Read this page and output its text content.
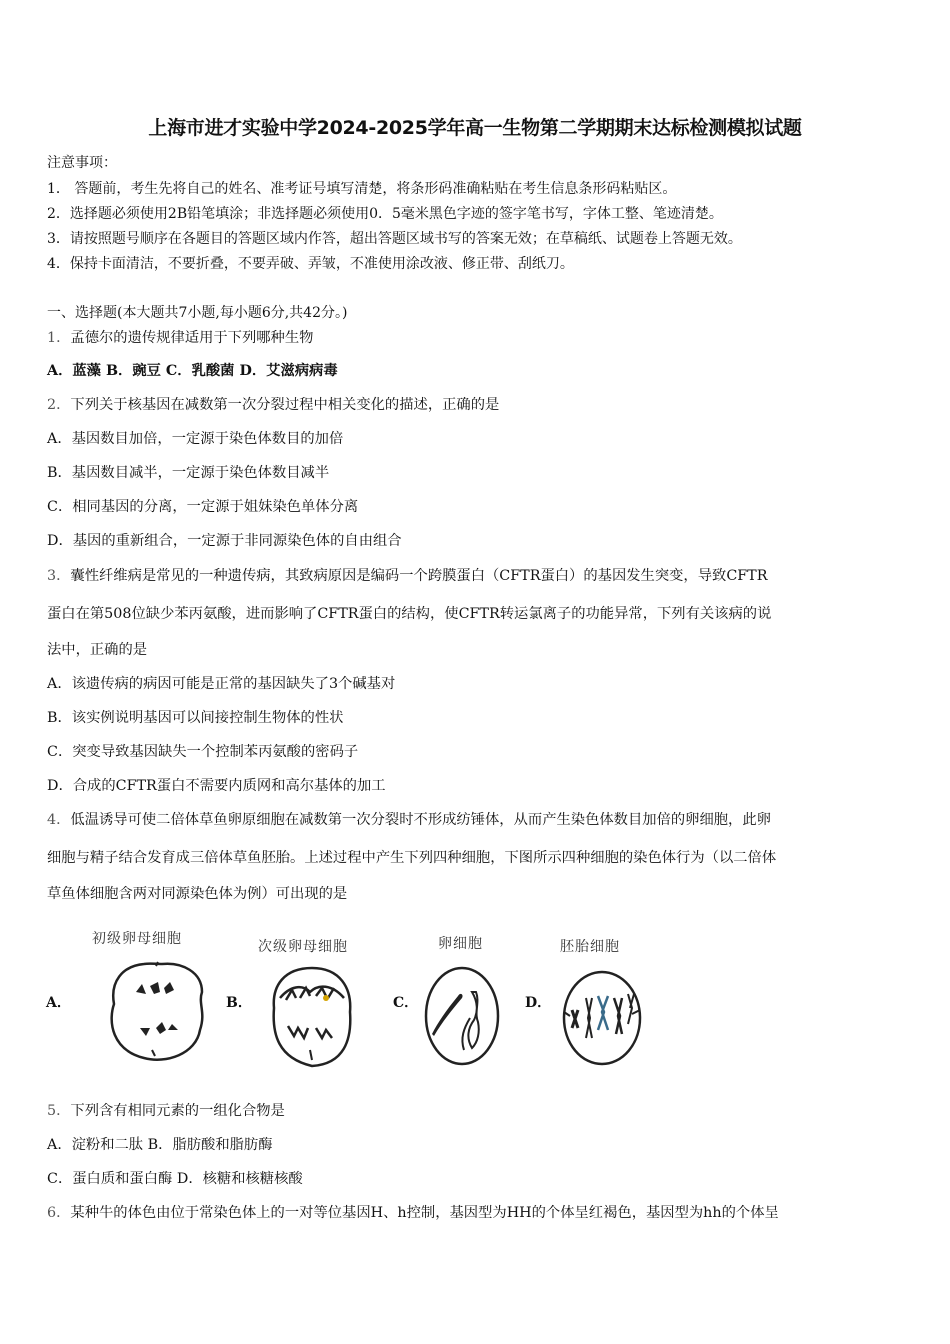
上海市进才实验中学2024-2025学年高一生物第二学期期末达标检测模拟试题
注意事项：
1． 答题前，考生先将自己的姓名、准考证号填写清楚，将条形码准确粘贴在考生信息条形码粘贴区。
2．选择题必须使用2B铅笔填涂；非选择题必须使用0．5毫米黑色字迹的签字笔书写，字体工整、笔迹清楚。
3．请按照题号顺序在各题目的答题区域内作答，超出答题区域书写的答案无效；在草稿纸、试题卷上答题无效。
4．保持卡面清洁，不要折叠，不要弄破、弄皱，不准使用涂改液、修正带、刮纸刀。
一、选择题(本大题共7小题,每小题6分,共42分。)
1．孟德尔的遗传规律适用于下列哪种生物
A．蓝藻 B．豌豆 C．乳酸菌 D．艾滋病病毒
2．下列关于核基因在减数第一次分裂过程中相关变化的描述，正确的是
A．基因数目加倍，一定源于染色体数目的加倍
B．基因数目减半，一定源于染色体数目减半
C．相同基因的分离，一定源于姐妹染色单体分离
D．基因的重新组合，一定源于非同源染色体的自由组合
3．囊性纤维病是常见的一种遗传病，其致病原因是编码一个跨膜蛋白（CFTR蛋白）的基因发生突变，导致CFTR
蛋白在第508位缺少苯丙氨酸，进而影响了CFTR蛋白的结构，使CFTR转运氯离子的功能异常，下列有关该病的说
法中，正确的是
A．该遗传病的病因可能是正常的基因缺失了3个碱基对
B．该实例说明基因可以间接控制生物体的性状
C．突变导致基因缺失一个控制苯丙氨酸的密码子
D．合成的CFTR蛋白不需要内质网和高尔基体的加工
4．低温诱导可使二倍体草鱼卵原细胞在减数第一次分裂时不形成纺锤体，从而产生染色体数目加倍的卵细胞，此卵
细胞与精子结合发育成三倍体草鱼胚胎。上述过程中产生下列四种细胞，下图所示四种细胞的染色体行为（以二倍体
草鱼体细胞含两对同源染色体为例）可出现的是
初级卵母细胞	次级卵母细胞	卵细胞	胚胎细胞
A．	B．	C．	D．
5．下列含有相同元素的一组化合物是
A．淀粉和二肽 B．脂肪酸和脂肪酶
C．蛋白质和蛋白酶 D．核糖和核糖核酸
6．某种牛的体色由位于常染色体上的一对等位基因H、h控制，基因型为HH的个体呈红褐色，基因型为hh的个体呈
